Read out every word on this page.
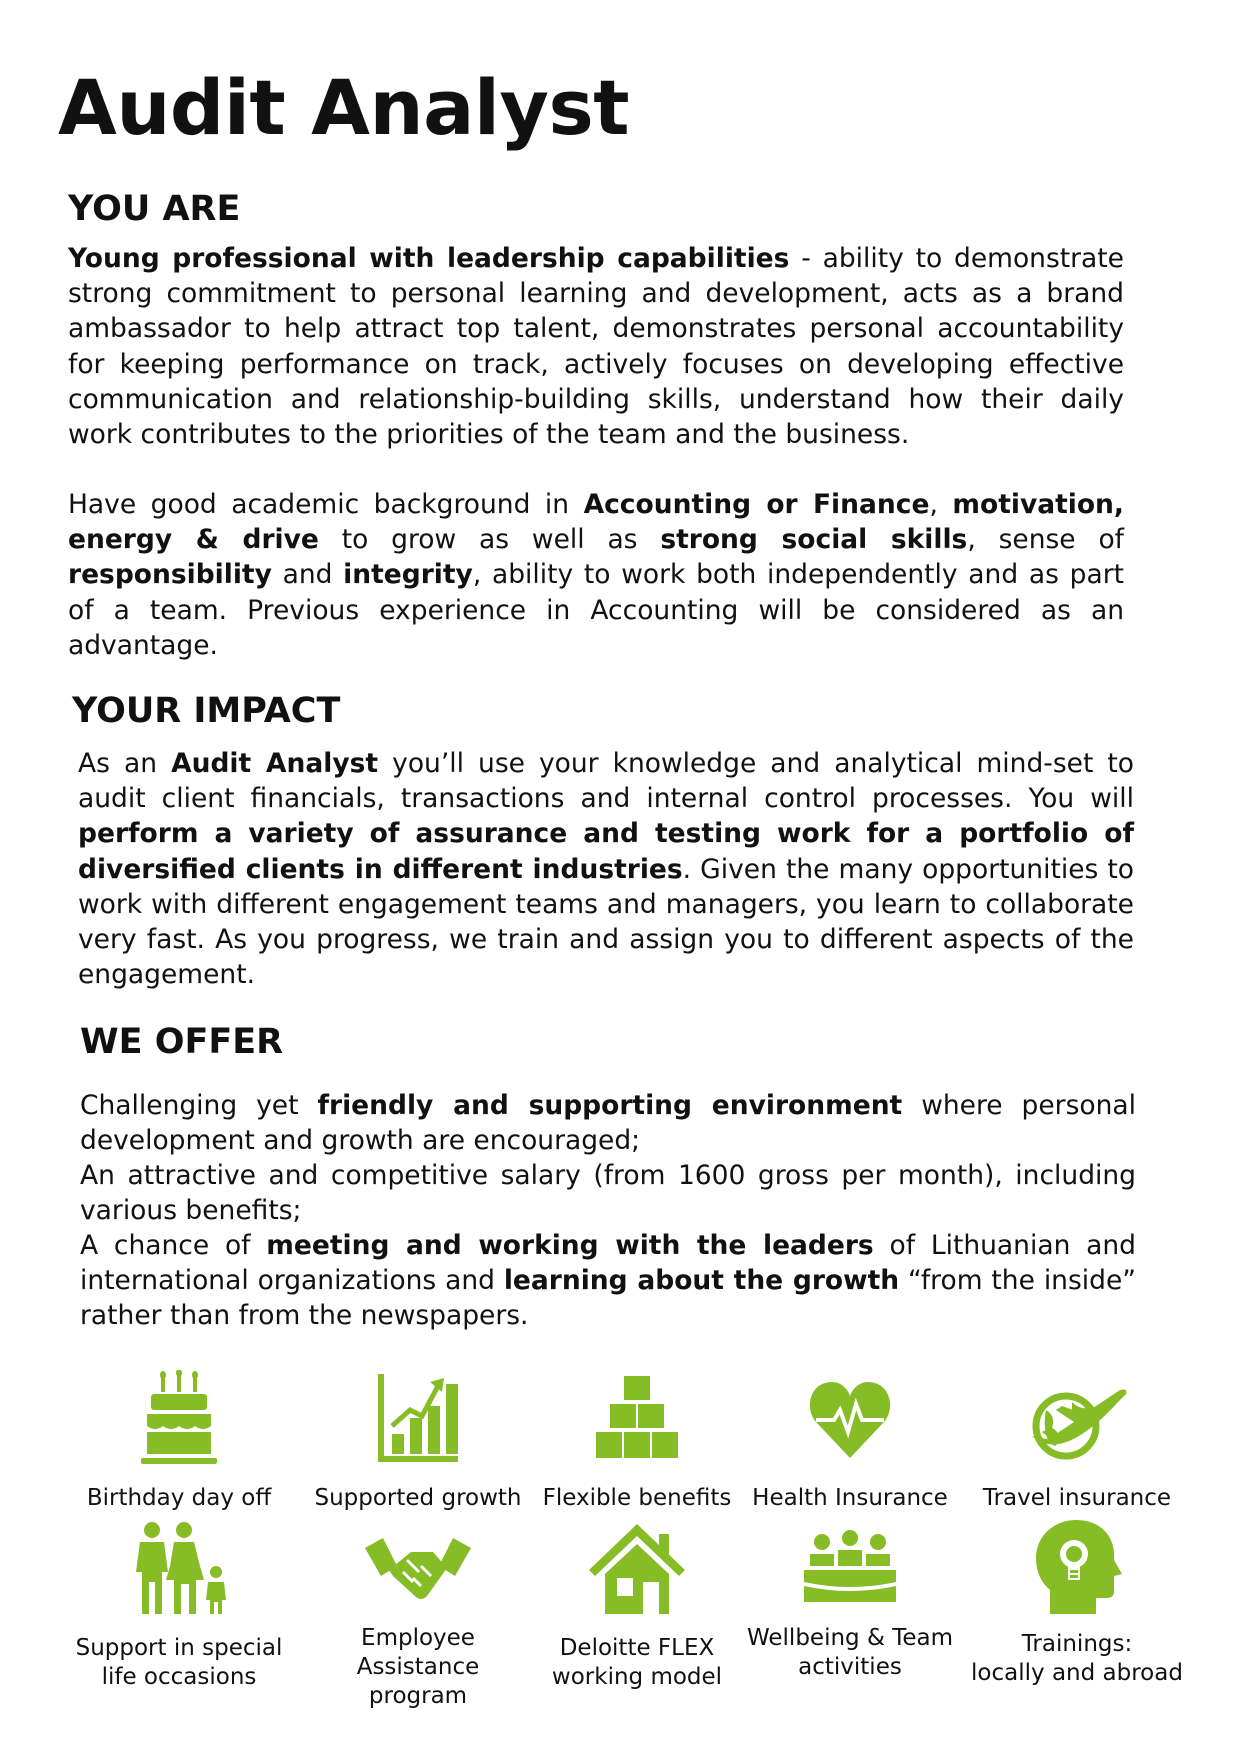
Audit Analyst
YOU ARE

Young professional with leadership capabilities - ability to demonstrate strong commitment to personal learning and development, acts as a brand ambassador to help attract top talent, demonstrates personal accountability for keeping performance on track, actively focuses on developing effective communication and relationship-building skills, understand how their daily work contributes to the priorities of the team and the business.

Have good academic background in Accounting or Finance, motivation, energy & drive to grow as well as strong social skills, sense of responsibility and integrity, ability to work both independently and as part of a team. Previous experience in Accounting will be considered as an advantage.

YOUR IMPACT

As an Audit Analyst you’ll use your knowledge and analytical mind-set to audit client financials, transactions and internal control processes. You will perform a variety of assurance and testing work for a portfolio of diversified clients in different industries. Given the many opportunities to work with different engagement teams and managers, you learn to collaborate very fast. As you progress, we train and assign you to different aspects of the engagement.

WE OFFER

Challenging yet friendly and supporting environment where personal development and growth are encouraged;

An attractive and competitive salary (from 1600 gross per month), including various benefits;

A chance of meeting and working with the leaders of Lithuanian and international organizations and learning about the growth “from the inside” rather than from the newspapers.

Birthday day off	Supported growth Flexible benefits Health Insurance	Travel insurance
Support in special
life occasions
Employee Assistance
program
Deloitte FLEX
working model
Wellbeing & Team
activities
Trainings:
locally and abroad
